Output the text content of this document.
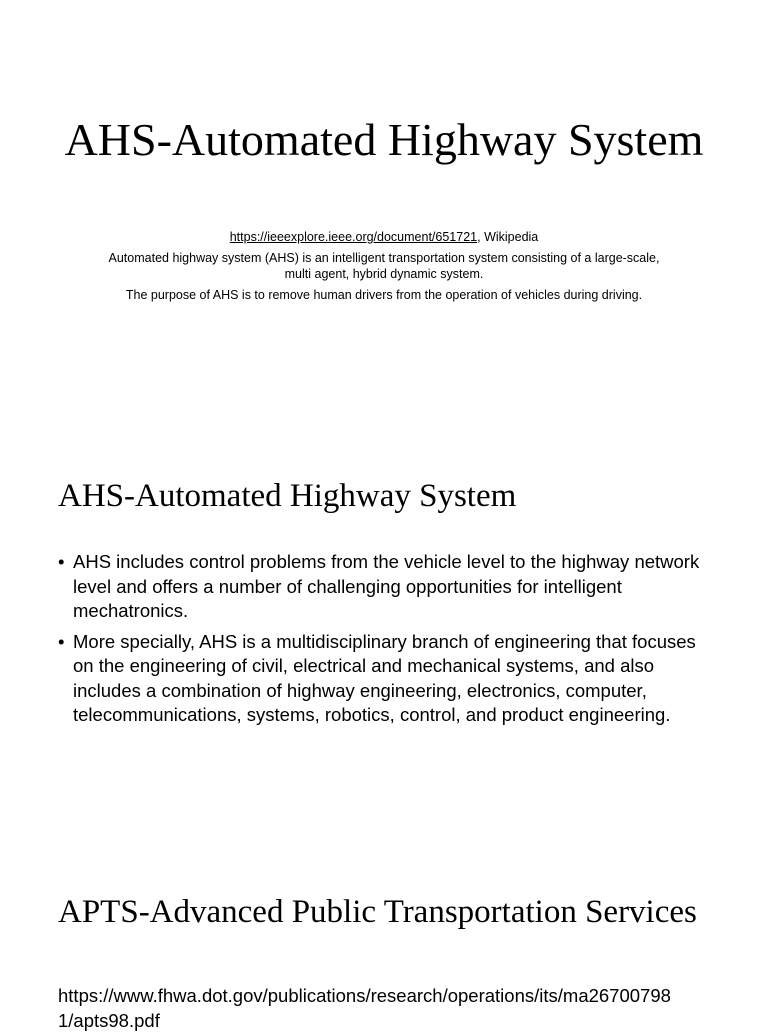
AHS-Automated Highway System

https://ieeexplore.ieee.org/document/651721, Wikipedia

Automated highway system (AHS) is an intelligent transportation system consisting of a large-scale, multi agent, hybrid dynamic system.

The purpose of AHS is to remove human drivers from the operation of vehicles during driving.

AHS-Automated Highway System
• AHS includes control problems from the vehicle level to the highway network level and offers a number of challenging opportunities for intelligent mechatronics.
• More specially, AHS is a multidisciplinary branch of engineering that focuses on the engineering of civil, electrical and mechanical systems, and also includes a combination of highway engineering, electronics, computer, telecommunications, systems, robotics, control, and product engineering.
APTS-Advanced Public Transportation Services

https://www.fhwa.dot.gov/publications/research/operations/its/ma267007981/apts98.pdf
